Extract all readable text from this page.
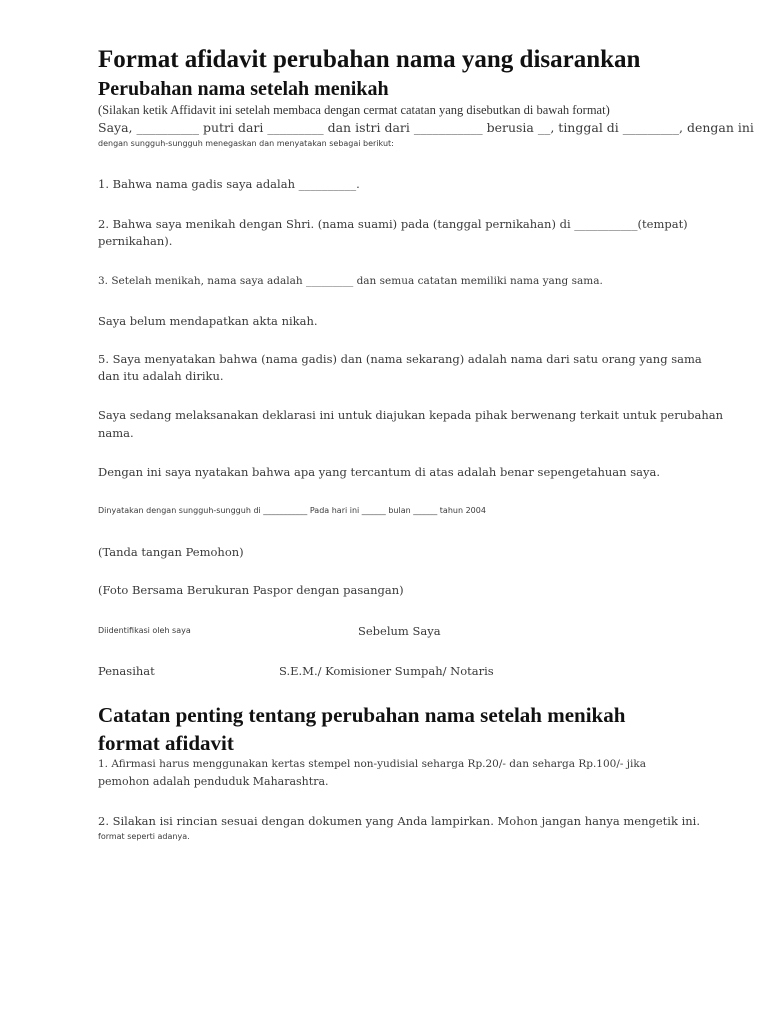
Format afidavit perubahan nama yang disarankan
Perubahan nama setelah menikah
(Silakan ketik Affidavit ini setelah membaca dengan cermat catatan yang disebutkan di bawah format)
Saya, __________ putri dari _________ dan istri dari ___________ berusia __, tinggal di _________, dengan ini
dengan sungguh-sungguh menegaskan dan menyatakan sebagai berikut:
1. Bahwa nama gadis saya adalah __________.
2. Bahwa saya menikah dengan Shri. (nama suami) pada (tanggal pernikahan) di ___________(tempat)
pernikahan).
3. Setelah menikah, nama saya adalah _________ dan semua catatan memiliki nama yang sama.
Saya belum mendapatkan akta nikah.
5. Saya menyatakan bahwa (nama gadis) dan (nama sekarang) adalah nama dari satu orang yang sama
dan itu adalah diriku.
Saya sedang melaksanakan deklarasi ini untuk diajukan kepada pihak berwenang terkait untuk perubahan
nama.
Dengan ini saya nyatakan bahwa apa yang tercantum di atas adalah benar sepengetahuan saya.
Dinyatakan dengan sungguh-sungguh di ___________ Pada hari ini ______ bulan ______ tahun 2004
(Tanda tangan Pemohon)
(Foto Bersama Berukuran Paspor dengan pasangan)
Diidentifikasi oleh saya	Sebelum Saya
Penasihat	S.E.M./ Komisioner Sumpah/ Notaris
Catatan penting tentang perubahan nama setelah menikah
format afidavit
1. Afirmasi harus menggunakan kertas stempel non-yudisial seharga Rp.20/- dan seharga Rp.100/- jika
pemohon adalah penduduk Maharashtra.
2. Silakan isi rincian sesuai dengan dokumen yang Anda lampirkan. Mohon jangan hanya mengetik ini.
format seperti adanya.
